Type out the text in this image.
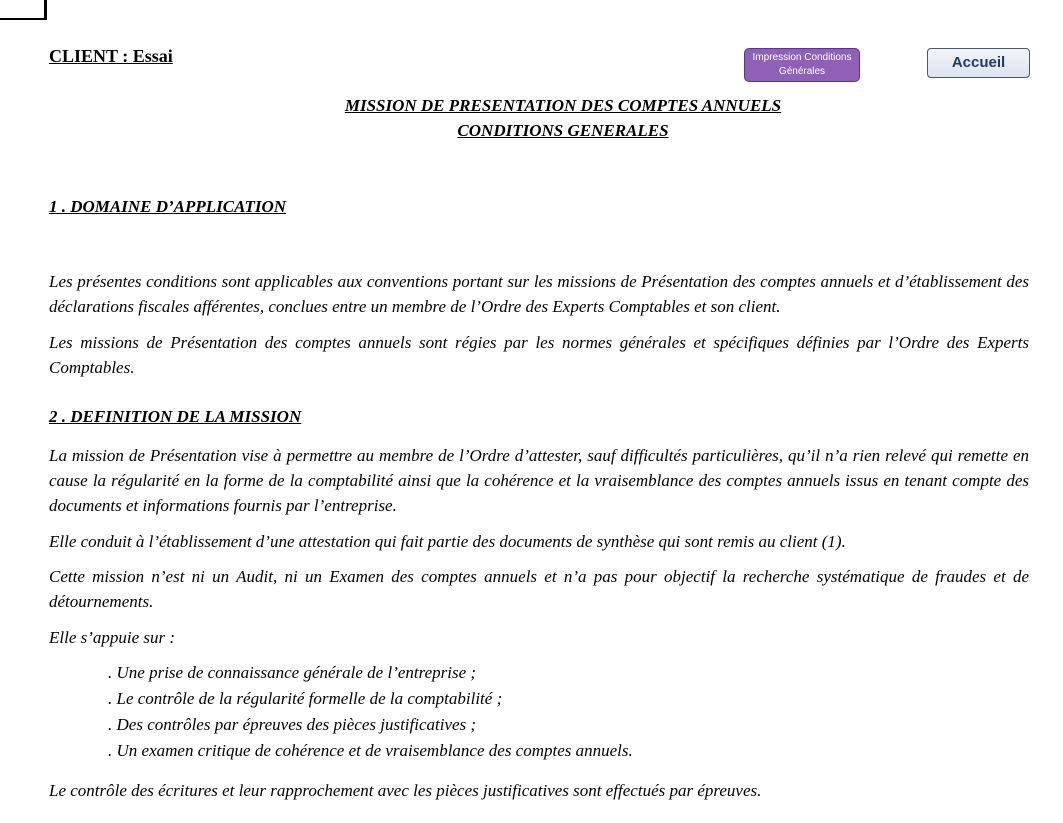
CLIENT : Essai	Impression Conditions Générales
Accueil
MISSION DE PRESENTATION DES COMPTES ANNUELS
CONDITIONS GENERALES
1 . DOMAINE D’APPLICATION
Les présentes conditions sont applicables aux conventions portant sur les missions de Présentation des comptes annuels et d’établissement des déclarations fiscales afférentes, conclues entre un membre de l’Ordre des Experts Comptables et son client.
Les missions de Présentation des comptes annuels sont régies par les normes générales et spécifiques définies par l’Ordre des Experts Comptables.
2 . DEFINITION DE LA MISSION
La mission de Présentation vise à permettre au membre de l’Ordre d’attester, sauf difficultés particulières, qu’il n’a rien relevé qui remette en cause la régularité en la forme de la comptabilité ainsi que la cohérence et la vraisemblance des comptes annuels issus en tenant compte des documents et informations fournis par l’entreprise.
Elle conduit à l’établissement d’une attestation qui fait partie des documents de synthèse qui sont remis au client (1).
Cette mission n’est ni un Audit, ni un Examen des comptes annuels et n’a pas pour objectif la recherche systématique de fraudes et de détournements.
Elle s’appuie sur :
. Une prise de connaissance générale de l’entreprise ;
. Le contrôle de la régularité formelle de la comptabilité ;
. Des contrôles par épreuves des pièces justificatives ;
. Un examen critique de cohérence et de vraisemblance des comptes annuels.
Le contrôle des écritures et leur rapprochement avec les pièces justificatives sont effectués par épreuves.
